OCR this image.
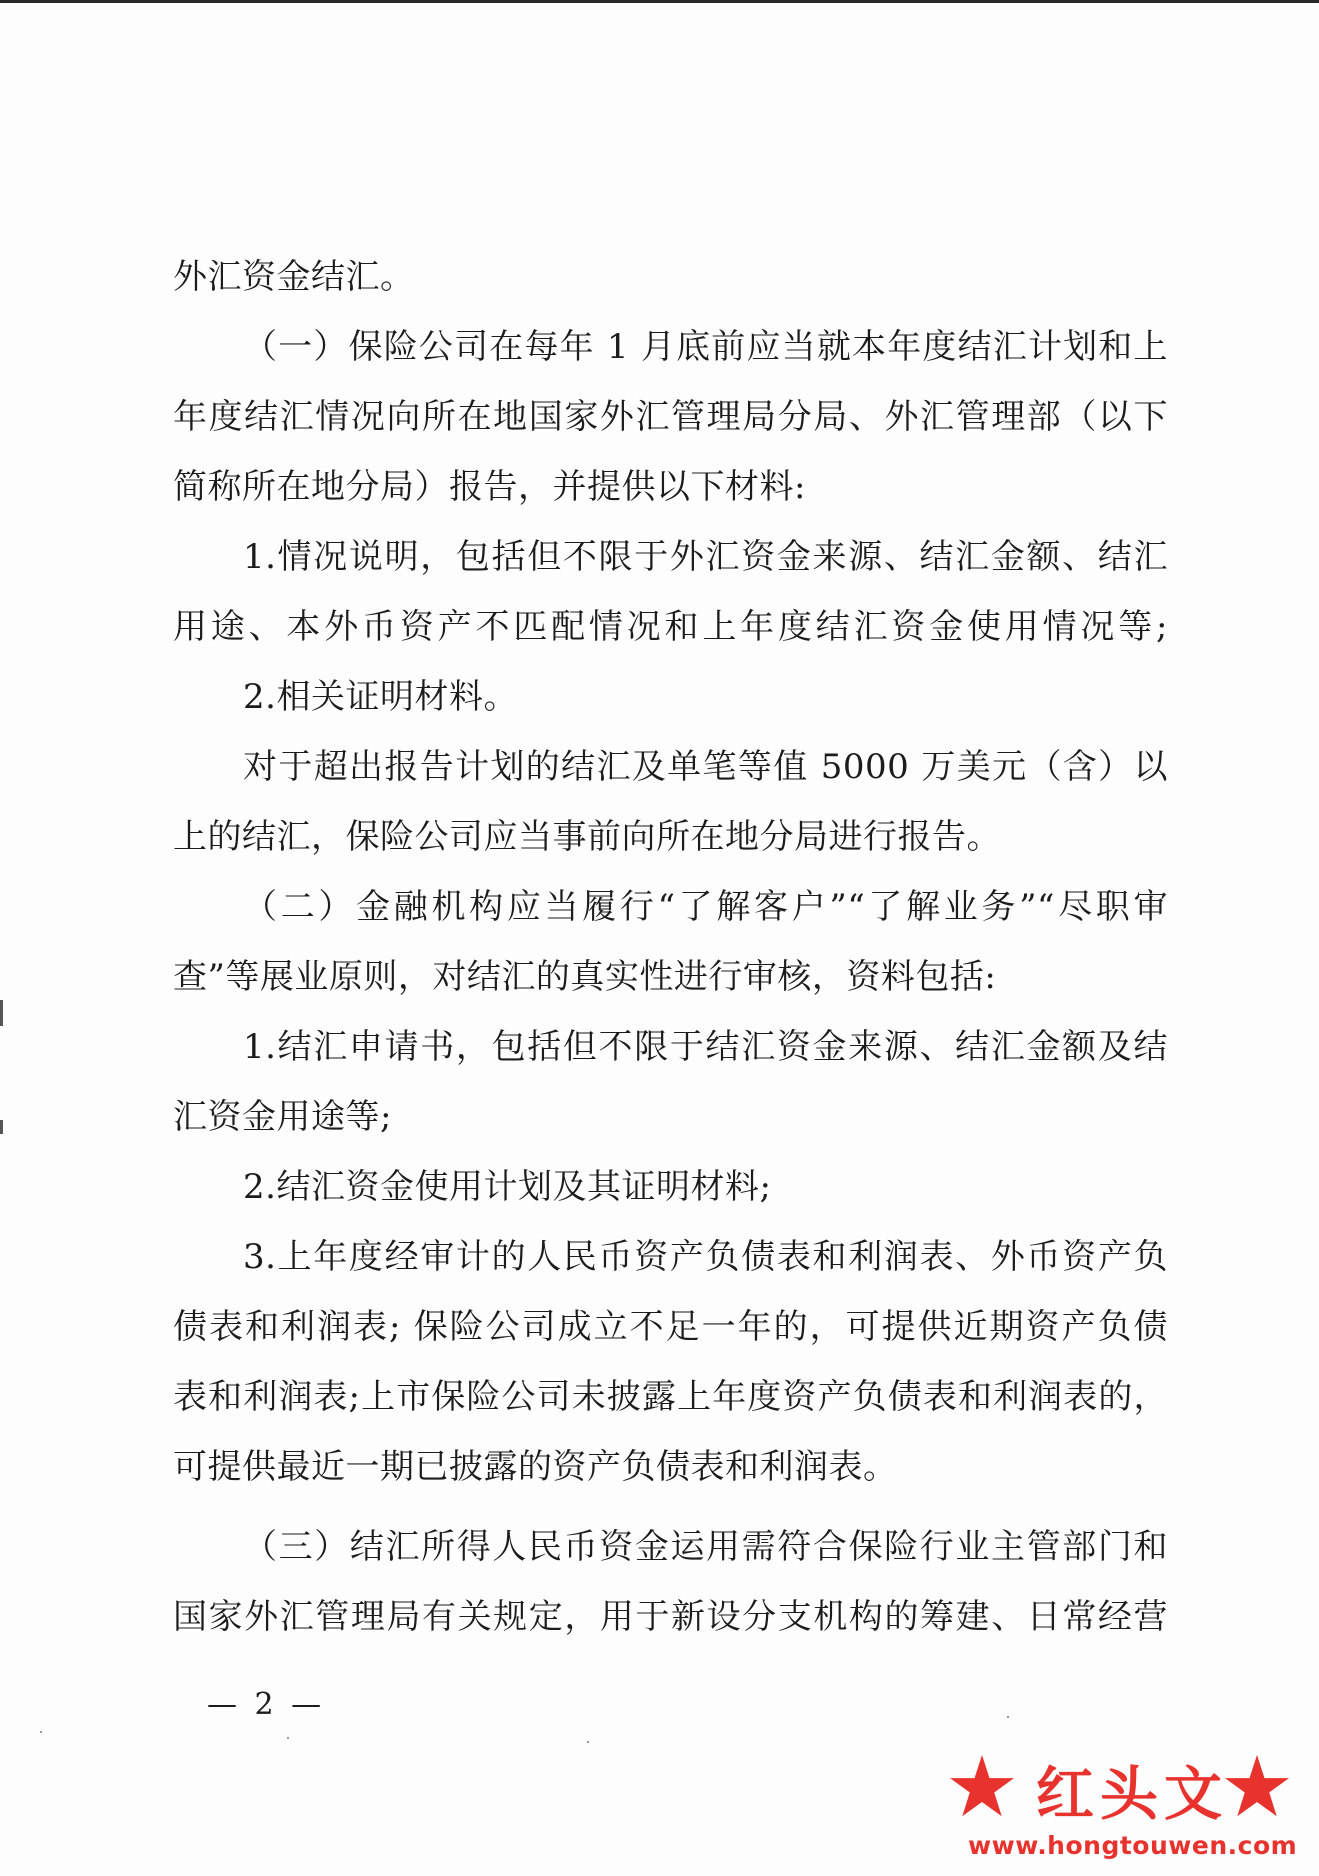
外汇资金结汇。
（一）保险公司在每年 1 月底前应当就本年度结汇计划和上
年度结汇情况向所在地国家外汇管理局分局、外汇管理部（以下
简称所在地分局）报告，并提供以下材料:
1.情况说明，包括但不限于外汇资金来源、结汇金额、结汇
用途、本外币资产不匹配情况和上年度结汇资金使用情况等;
2.相关证明材料。
对于超出报告计划的结汇及单笔等值 5000 万美元（含）以
上的结汇，保险公司应当事前向所在地分局进行报告。
（二）金融机构应当履行“了解客户”“了解业务”“尽职审
查”等展业原则，对结汇的真实性进行审核，资料包括:
1.结汇申请书，包括但不限于结汇资金来源、结汇金额及结
汇资金用途等;
2.结汇资金使用计划及其证明材料;
3.上年度经审计的人民币资产负债表和利润表、外币资产负
债表和利润表; 保险公司成立不足一年的，可提供近期资产负债
表和利润表;上市保险公司未披露上年度资产负债表和利润表的，
可提供最近一期已披露的资产负债表和利润表。
（三）结汇所得人民币资金运用需符合保险行业主管部门和
国家外汇管理局有关规定，用于新设分支机构的筹建、日常经营
— 2 —
红头文
www.hongtouwen.com
